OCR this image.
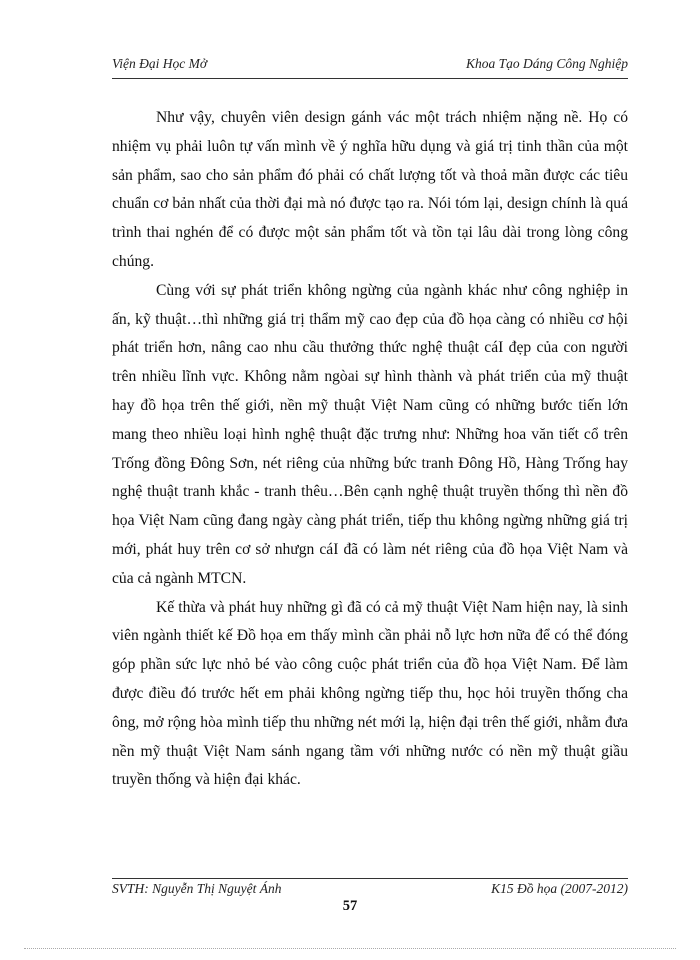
Viện Đại Học Mở	Khoa Tạo Dáng Công Nghiệp

Như vậy, chuyên viên design gánh vác một trách nhiệm nặng nề. Họ có nhiệm vụ phải luôn tự vấn mình về ý nghĩa hữu dụng và giá trị tinh thần của một sản phẩm, sao cho sản phẩm đó phải có chất lượng tốt và thoả mãn được các tiêu chuẩn cơ bản nhất của thời đại mà nó được tạo ra. Nói tóm lại, design chính là quá trình thai nghén để có được một sản phẩm tốt và tồn tại lâu dài trong lòng công chúng.

Cùng với sự phát triển không ngừng của ngành khác như công nghiệp in ấn, kỹ thuật…thì những giá trị thẩm mỹ cao đẹp của đồ họa càng có nhiều cơ hội phát triển hơn, nâng cao nhu cầu thưởng thức nghệ thuật cáI đẹp của con người trên nhiều lĩnh vực. Không nằm ngòai sự hình thành và phát triển của mỹ thuật hay đồ họa trên thế giới, nền mỹ thuật Việt Nam cũng có những bước tiến lớn mang theo nhiều loại hình nghệ thuật đặc trưng như: Những hoa văn tiết cổ trên Trống đồng Đông Sơn, nét riêng của những bức tranh Đông Hồ, Hàng Trống hay nghệ thuật tranh khắc - tranh thêu…Bên cạnh nghệ thuật truyền thống thì nền đồ họa Việt Nam cũng đang ngày càng phát triển, tiếp thu không ngừng những giá trị mới, phát huy trên cơ sở nhưgn cáI đã có làm nét riêng của đồ họa Việt Nam và của cả ngành MTCN.

Kế thừa và phát huy những gì đã có cả mỹ thuật Việt Nam hiện nay, là sinh viên ngành thiết kế Đồ họa em thấy mình cần phải nỗ lực hơn nữa để có thể đóng góp phần sức lực nhỏ bé vào công cuộc phát triển của đồ họa Việt Nam. Để làm được điều đó trước hết em phải không ngừng tiếp thu, học hỏi truyền thống cha ông, mở rộng hòa mình tiếp thu những nét mới lạ, hiện đại trên thế giới, nhằm đưa nền mỹ thuật Việt Nam sánh ngang tầm với những nước có nền mỹ thuật giầu truyền thống và hiện đại khác.

SVTH: Nguyễn Thị Nguyệt Ánh	K15 Đồ họa (2007-2012)
57
